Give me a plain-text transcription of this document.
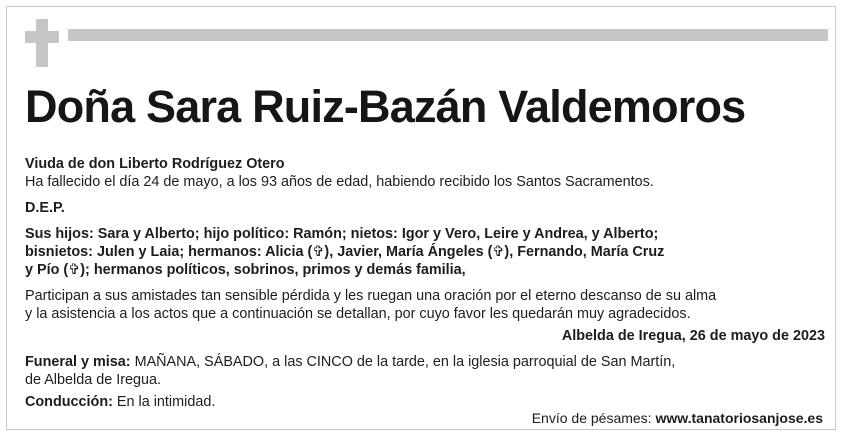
Doña Sara Ruiz-Bazán Valdemoros

Viuda de don Liberto Rodríguez Otero

Ha fallecido el día 24 de mayo, a los 93 años de edad, habiendo recibido los Santos Sacramentos.

D.E.P.

Sus hijos: Sara y Alberto; hijo político: Ramón; nietos: Igor y Vero, Leire y Andrea, y Alberto;

bisnietos: Julen y Laia; hermanos: Alicia (✞), Javier, María Ángeles (✞), Fernando, María Cruz

y Pío (✞); hermanos políticos, sobrinos, primos y demás familia,

Participan a sus amistades tan sensible pérdida y les ruegan una oración por el eterno descanso de su alma

y la asistencia a los actos que a continuación se detallan, por cuyo favor les quedarán muy agradecidos.

Albelda de Iregua, 26 de mayo de 2023

Funeral y misa: MAÑANA, SÁBADO, a las CINCO de la tarde, en la iglesia parroquial de San Martín,

de Albelda de Iregua.

Conducción: En la intimidad.

Envío de pésames: www.tanatoriosanjose.es
